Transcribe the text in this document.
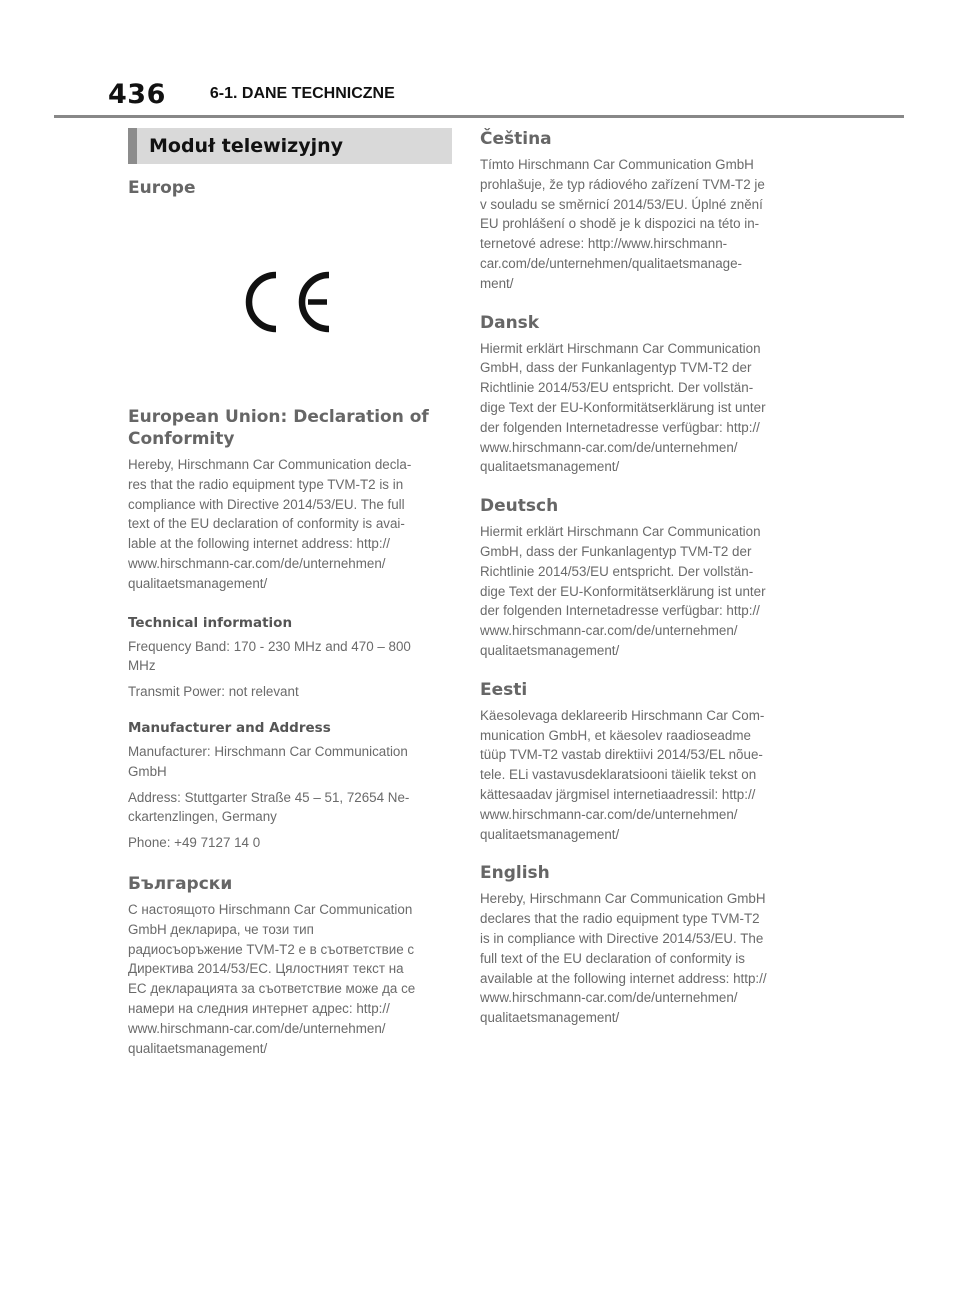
436	6-1. DANE TECHNICZNE
Moduł telewizyjny
Europe
European Union: Declaration of
Conformity

Hereby, Hirschmann Car Communication decla-
res that the radio equipment type TVM-T2 is in
compliance with Directive 2014/53/EU. The full
text of the EU declaration of conformity is avai-
lable at the following internet address: http://
www.hirschmann-car.com/de/unternehmen/
qualitaetsmanagement/

Technical information

Frequency Band: 170 - 230 MHz and 470 – 800
MHz

Transmit Power: not relevant

Manufacturer and Address

Manufacturer: Hirschmann Car Communication
GmbH

Address: Stuttgarter Straße 45 – 51, 72654 Ne-
ckartenzlingen, Germany

Phone: +49 7127 14 0

Български

С настоящото Hirschmann Car Communication
GmbH декларира, че този тип
радиосъоръжение TVM-T2 е в съответствие с
Директива 2014/53/ЕС. Цялостният текст на
ЕС декларацията за съответствие може да се
намери на следния интернет адрес: http://
www.hirschmann-car.com/de/unternehmen/
qualitaetsmanagement/

Čeština

Tímto Hirschmann Car Communication GmbH
prohlašuje, že typ rádiového zařízení TVM-T2 je
v souladu se směrnicí 2014/53/EU. Úplné znění
EU prohlášení o shodě je k dispozici na této in-
ternetové adrese: http://www.hirschmann-
car.com/de/unternehmen/qualitaetsmanage-
ment/

Dansk

Hiermit erklärt Hirschmann Car Communication
GmbH, dass der Funkanlagentyp TVM-T2 der
Richtlinie 2014/53/EU entspricht. Der vollstän-
dige Text der EU-Konformitätserklärung ist unter
der folgenden Internetadresse verfügbar: http://
www.hirschmann-car.com/de/unternehmen/
qualitaetsmanagement/

Deutsch

Hiermit erklärt Hirschmann Car Communication
GmbH, dass der Funkanlagentyp TVM-T2 der
Richtlinie 2014/53/EU entspricht. Der vollstän-
dige Text der EU-Konformitätserklärung ist unter
der folgenden Internetadresse verfügbar: http://
www.hirschmann-car.com/de/unternehmen/
qualitaetsmanagement/

Eesti

Käesolevaga deklareerib Hirschmann Car Com-
munication GmbH, et käesolev raadioseadme
tüüp TVM-T2 vastab direktiivi 2014/53/EL nõue-
tele. ELi vastavusdeklaratsiooni täielik tekst on
kättesaadav järgmisel internetiaadressil: http://
www.hirschmann-car.com/de/unternehmen/
qualitaetsmanagement/

English

Hereby, Hirschmann Car Communication GmbH
declares that the radio equipment type TVM-T2
is in compliance with Directive 2014/53/EU. The
full text of the EU declaration of conformity is
available at the following internet address: http://
www.hirschmann-car.com/de/unternehmen/
qualitaetsmanagement/
